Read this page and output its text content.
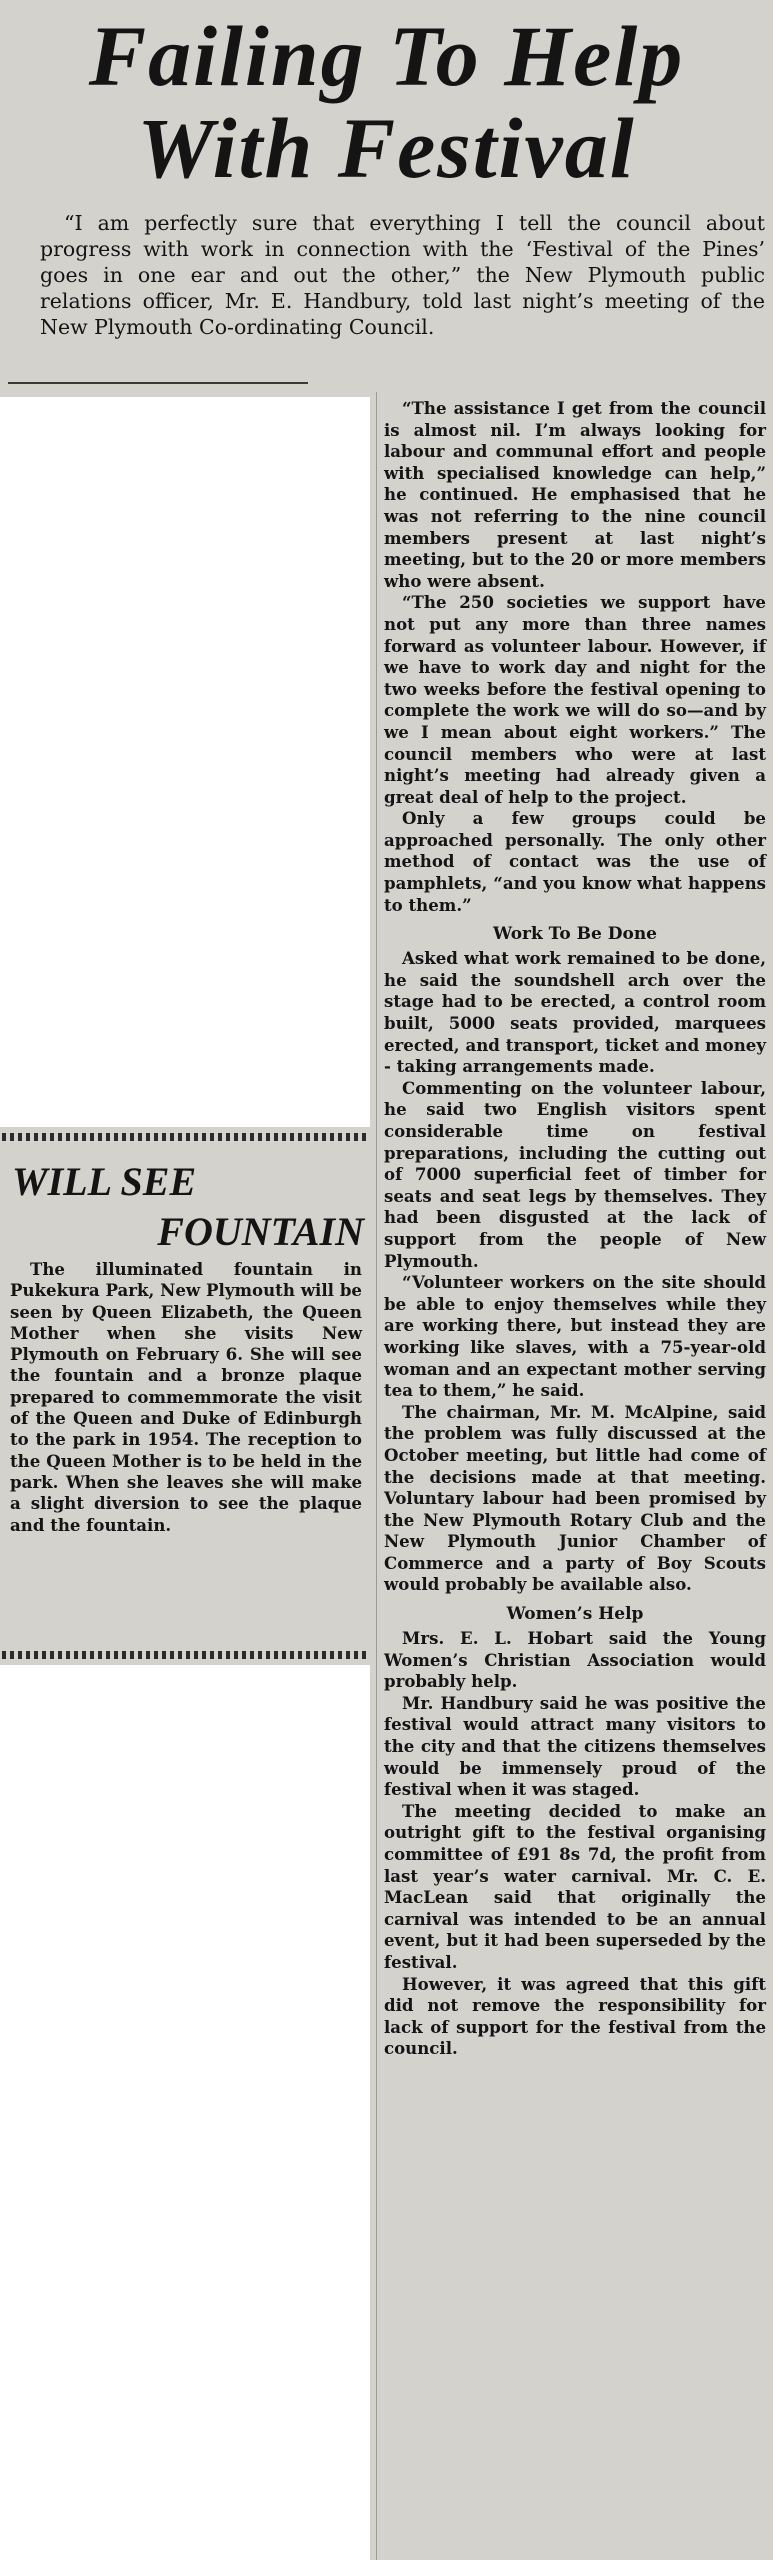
Failing To Help
With Festival

“I am perfectly sure that everything I tell the council about progress with work in connection with the ‘Festival of the Pines’ goes in one ear and out the other,” the New Plymouth public relations officer, Mr. E. Handbury, told last night’s meeting of the New Plymouth Co-ordinating Council.

WILL SEE
FOUNTAIN

The illuminated fountain in Pukekura Park, New Plymouth will be seen by Queen Elizabeth, the Queen Mother when she visits New Plymouth on February 6. She will see the fountain and a bronze plaque prepared to commemmorate the visit of the Queen and Duke of Edinburgh to the park in 1954. The reception to the Queen Mother is to be held in the park. When she leaves she will make a slight diversion to see the plaque and the fountain.

“The assistance I get from the council is almost nil. I’m always looking for labour and communal effort and people with specialised knowledge can help,” he continued. He emphasised that he was not referring to the nine council members present at last night’s meeting, but to the 20 or more members who were absent.

“The 250 societies we support have not put any more than three names forward as volunteer labour. However, if we have to work day and night for the two weeks before the festival opening to complete the work we will do so—and by we I mean about eight workers.” The council members who were at last night’s meeting had already given a great deal of help to the project.

Only a few groups could be approached personally. The only other method of contact was the use of pamphlets, “and you know what happens to them.”

Work To Be Done

Asked what work remained to be done, he said the soundshell arch over the stage had to be erected, a control room built, 5000 seats provided, marquees erected, and transport, ticket and money - taking arrangements made.

Commenting on the volunteer labour, he said two English visitors spent considerable time on festival preparations, including the cutting out of 7000 superficial feet of timber for seats and seat legs by themselves. They had been disgusted at the lack of support from the people of New Plymouth.

“Volunteer workers on the site should be able to enjoy themselves while they are working there, but instead they are working like slaves, with a 75-year-old woman and an expectant mother serving tea to them,” he said.

The chairman, Mr. M. McAlpine, said the problem was fully discussed at the October meeting, but little had come of the decisions made at that meeting. Voluntary labour had been promised by the New Plymouth Rotary Club and the New Plymouth Junior Chamber of Commerce and a party of Boy Scouts would probably be available also.

Women’s Help

Mrs. E. L. Hobart said the Young Women’s Christian Association would probably help.

Mr. Handbury said he was positive the festival would attract many visitors to the city and that the citizens themselves would be immensely proud of the festival when it was staged.

The meeting decided to make an outright gift to the festival organising committee of £91 8s 7d, the profit from last year’s water carnival. Mr. C. E. MacLean said that originally the carnival was intended to be an annual event, but it had been superseded by the festival.

However, it was agreed that this gift did not remove the responsibility for lack of support for the festival from the council.
